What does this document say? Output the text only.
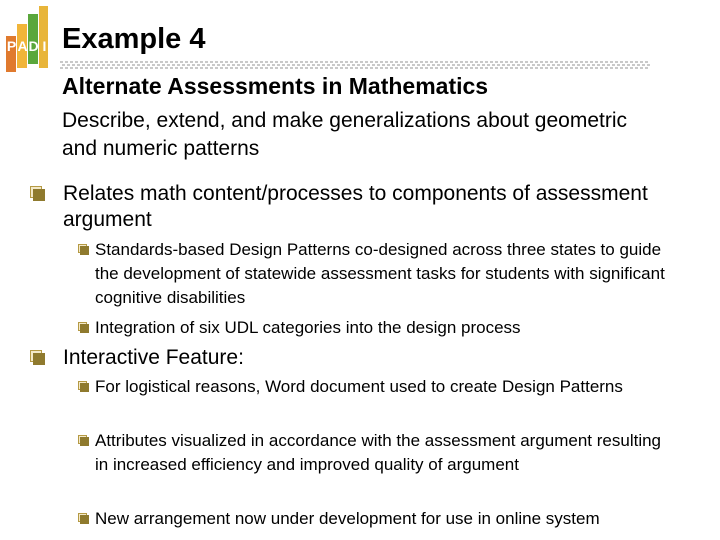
PAD I Example 4
Alternate Assessments in Mathematics
Describe, extend, and make generalizations about geometric and numeric patterns
Relates math content/processes to components of assessment argument
Standards-based Design Patterns co-designed across three states to guide the development of statewide assessment tasks for students with significant cognitive disabilities
Integration of six UDL categories into the design process
Interactive Feature:
For logistical reasons, Word document used to create Design Patterns
Attributes visualized in accordance with the assessment argument resulting in increased efficiency and improved quality of argument
New arrangement now under development for use in online system
